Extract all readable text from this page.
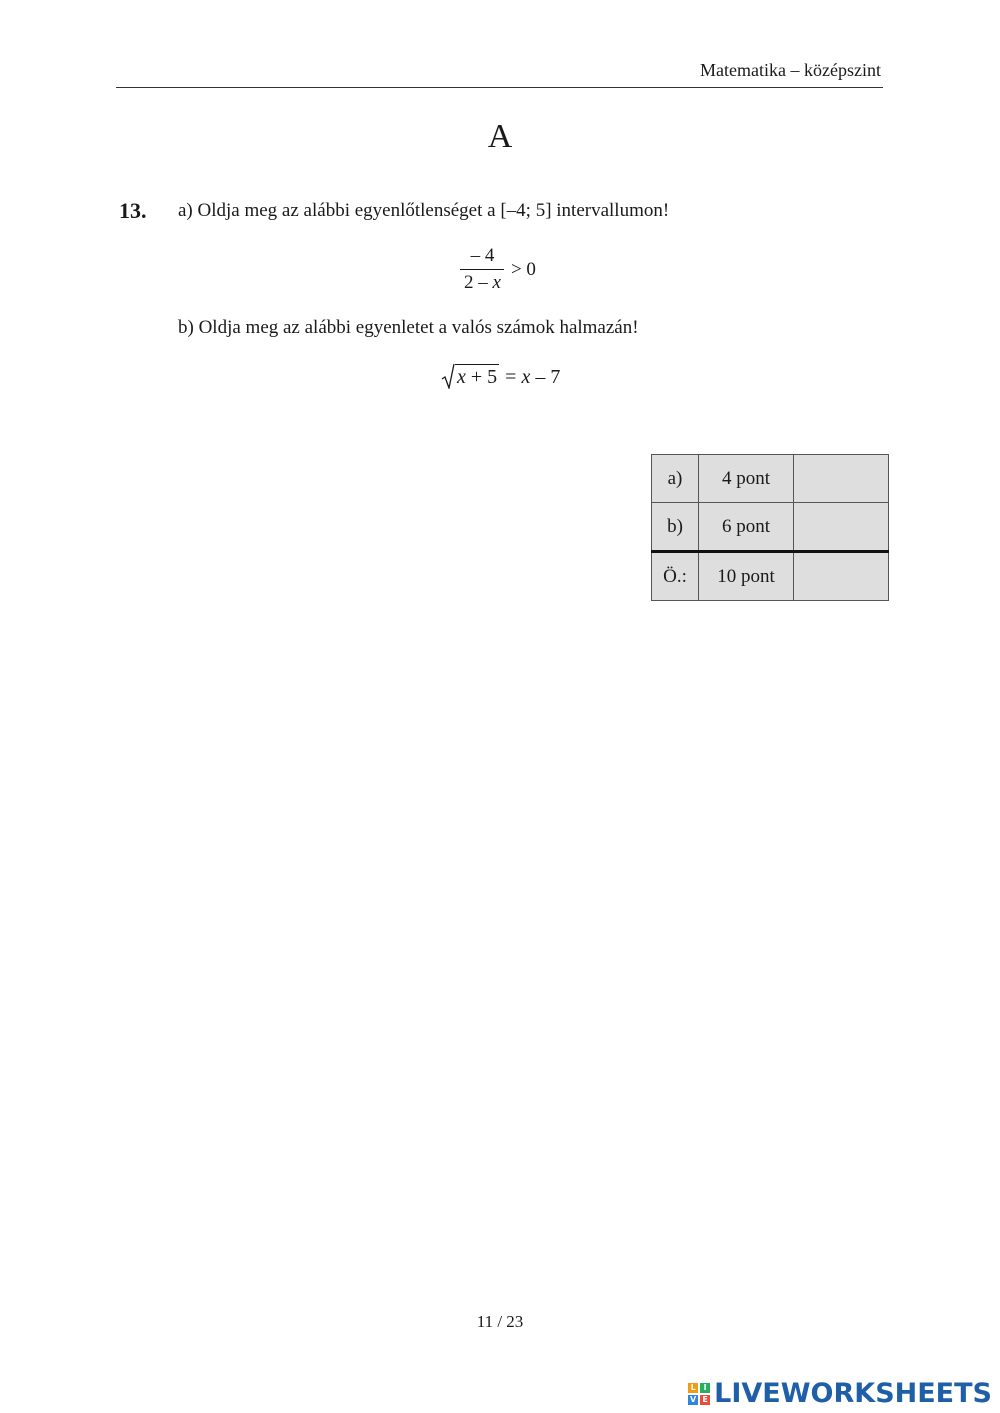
Matematika – középszint
A
13. a) Oldja meg az alábbi egyenlőtlenséget a [–4; 5] intervallumon!
$\frac{- 4}{2 - x} > 0$
b) Oldja meg az alábbi egyenletet a valós számok halmazán!
x + 5 = x – 7
a)	4 pont	
b)	6 pont	
Ö.:	10 pont	
11 / 23
L I
V E LIVEWORKSHEETS
